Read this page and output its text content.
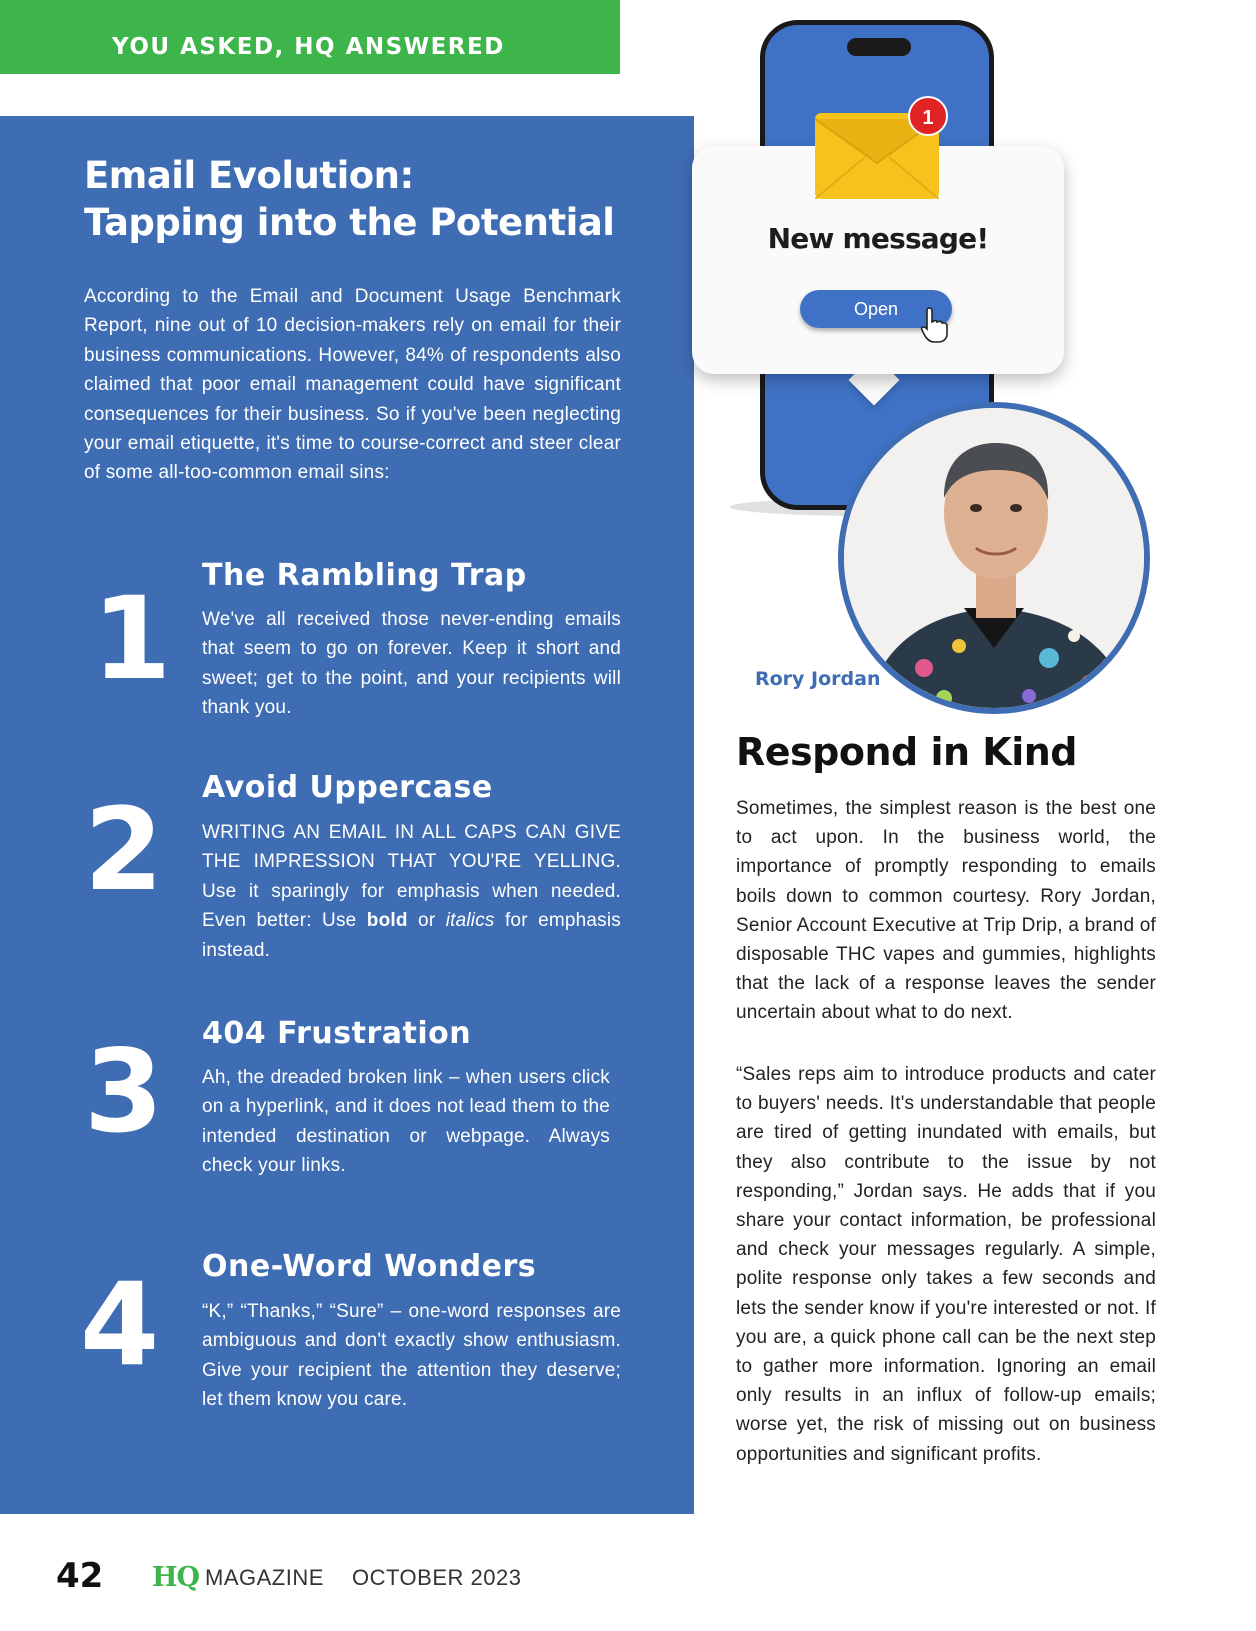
YOU ASKED, HQ ANSWERED
Email Evolution:
Tapping into the Potential

According to the Email and Document Usage Benchmark Report, nine out of 10 decision-makers rely on email for their business communications. However, 84% of respondents also claimed that poor email management could have significant consequences for their business. So if you've been neglecting your email etiquette, it's time to course-correct and steer clear of some all-too-common email sins:

1 The Rambling Trap

We've all received those never-ending emails that seem to go on forever. Keep it short and sweet; get to the point, and your recipients will thank you.

2 Avoid Uppercase

WRITING AN EMAIL IN ALL CAPS CAN GIVE THE IMPRESSION THAT YOU'RE YELLING. Use it sparingly for emphasis when needed. Even better: Use bold or italics for emphasis instead.

3 404 Frustration

Ah, the dreaded broken link – when users click on a hyperlink, and it does not lead them to the intended destination or webpage. Always check your links.

4 One-Word Wonders

“K,” “Thanks,” “Sure” – one-word responses are ambiguous and don't exactly show enthusiasm. Give your recipient the attention they deserve; let them know you care.

1
New message!
Open
Rory Jordan
Respond in Kind

Sometimes, the simplest reason is the best one to act upon. In the business world, the importance of promptly responding to emails boils down to common courtesy. Rory Jordan, Senior Account Executive at Trip Drip, a brand of disposable THC vapes and gummies, highlights that the lack of a response leaves the sender uncertain about what to do next.

“Sales reps aim to introduce products and cater to buyers' needs. It's understandable that people are tired of getting inundated with emails, but they also contribute to the issue by not responding,” Jordan says. He adds that if you share your contact information, be professional and check your messages regularly. A simple, polite response only takes a few seconds and lets the sender know if you're interested or not. If you are, a quick phone call can be the next step to gather more information. Ignoring an email only results in an influx of follow-up emails; worse yet, the risk of missing out on business opportunities and significant profits.

42 HQ MAGAZINE OCTOBER 2023
